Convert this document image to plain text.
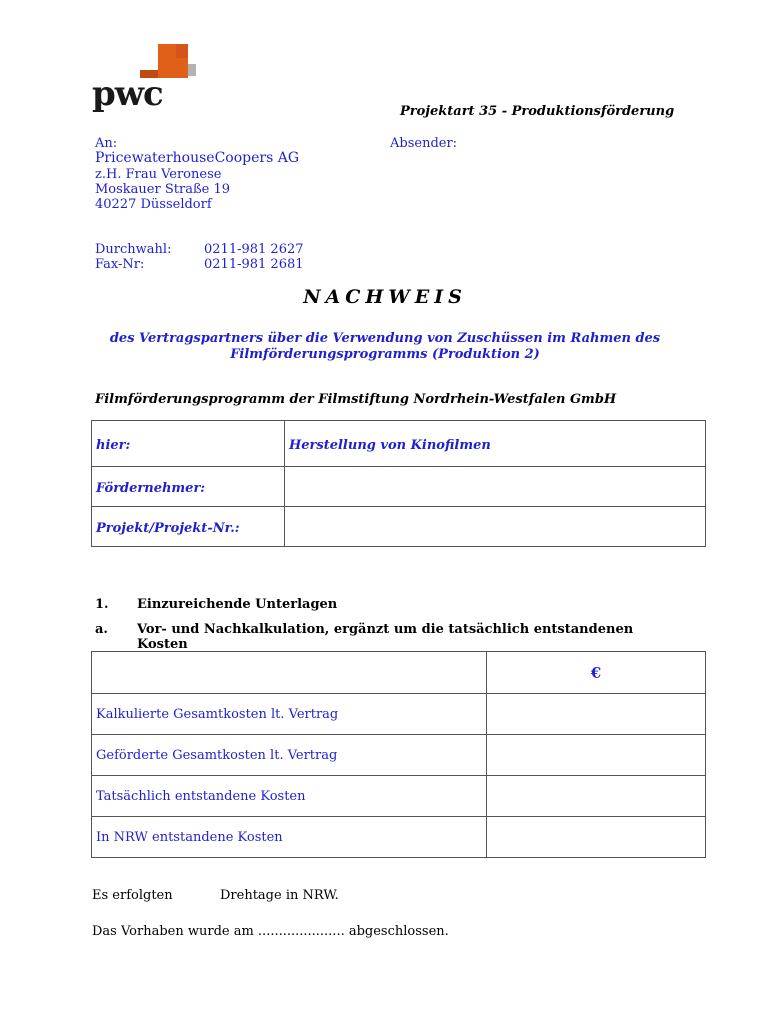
pwc	Projektart 35 - Produktionsförderung
An:	Absender:
PricewaterhouseCoopers AG
z.H. Frau Veronese
Moskauer Straße 19
40227 Düsseldorf
Durchwahl:	0211-981 2627
Fax-Nr:	0211-981 2681
NACHWEIS
des Vertragspartners über die Verwendung von Zuschüssen im Rahmen des Filmförderungsprogramms (Produktion 2)
Filmförderungsprogramm der Filmstiftung Nordrhein-Westfalen GmbH
hier:	Herstellung von Kinofilmen
Fördernehmer:	
Projekt/Projekt-Nr.:	
1. Einzureichende Unterlagen
a. Vor- und Nachkalkulation, ergänzt um die tatsächlich entstandenen Kosten
	€
Kalkulierte Gesamtkosten lt. Vertrag	
Geförderte Gesamtkosten lt. Vertrag	
Tatsächlich entstandene Kosten	
In NRW entstandene Kosten	
Es erfolgten	Drehtage in NRW.
Das Vorhaben wurde am ..................... abgeschlossen.
